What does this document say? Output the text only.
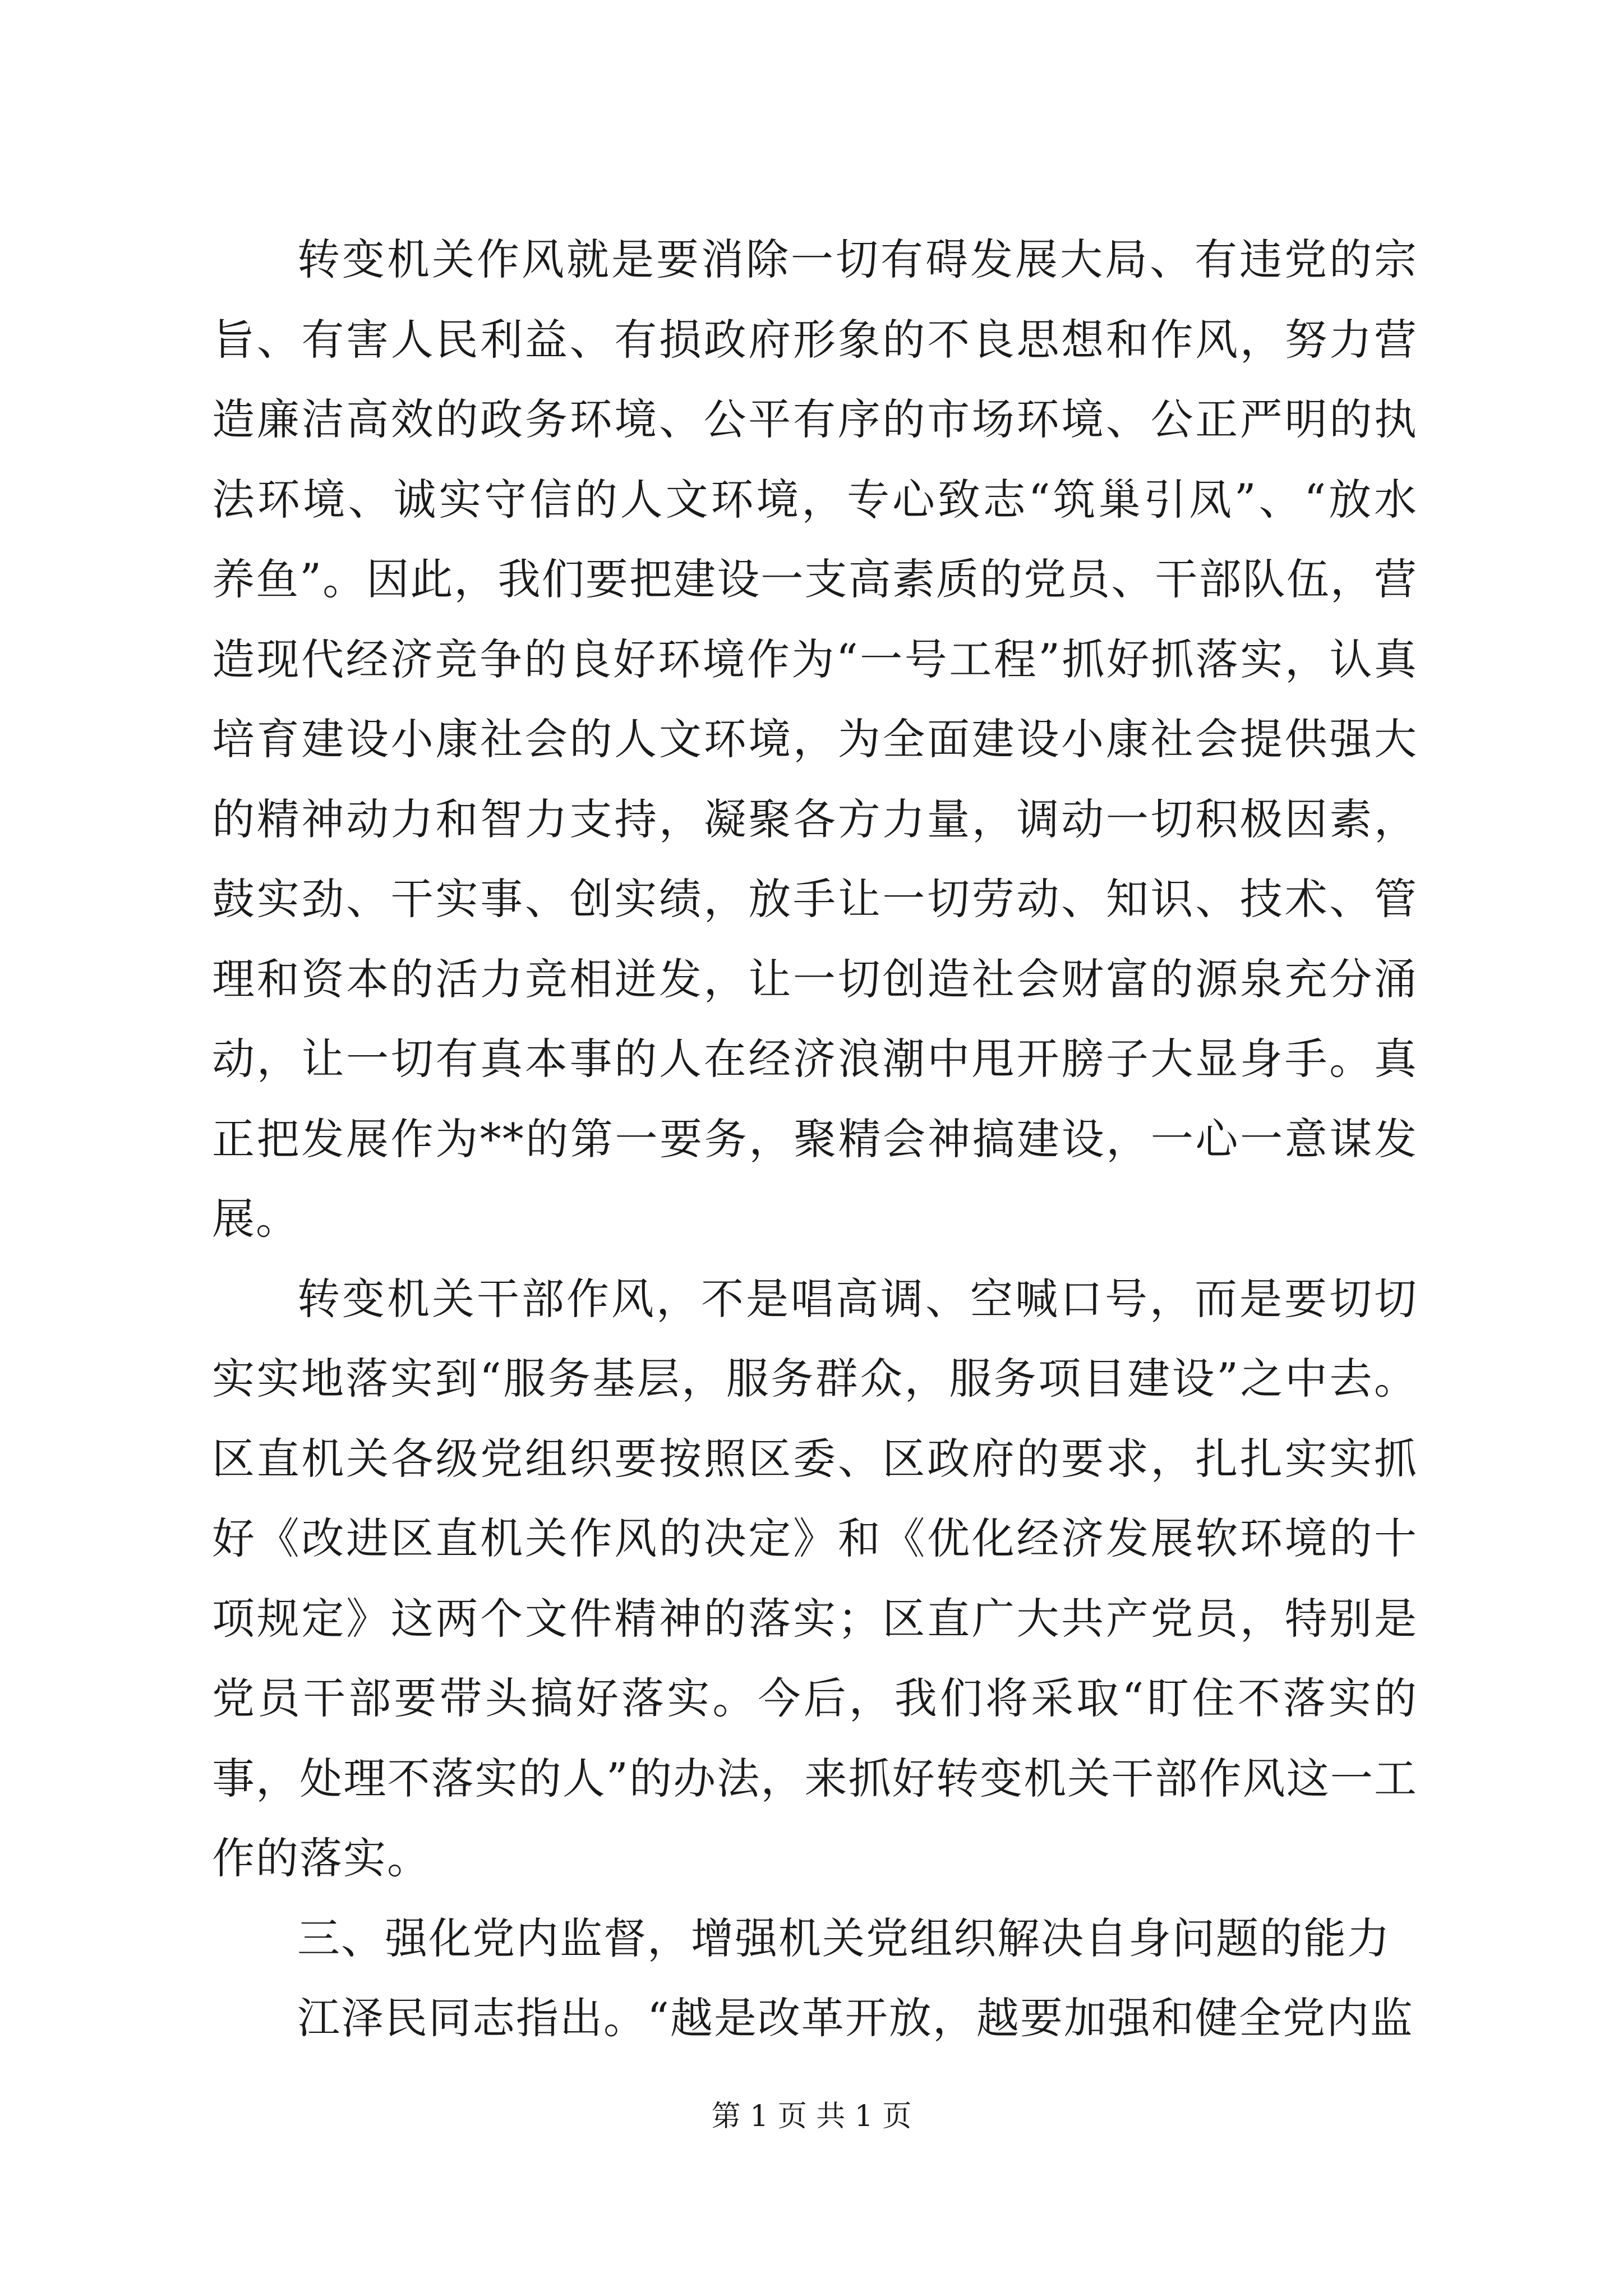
转变机关作风就是要消除一切有碍发展大局、有违党的宗旨、有害人民利益、有损政府形象的不良思想和作风，努力营造廉洁高效的政务环境、公平有序的市场环境、公正严明的执法环境、诚实守信的人文环境，专心致志“筑巢引凤”、“放水养鱼”。因此，我们要把建设一支高素质的党员、干部队伍，营造现代经济竞争的良好环境作为“一号工程”抓好抓落实，认真培育建设小康社会的人文环境，为全面建设小康社会提供强大的精神动力和智力支持，凝聚各方力量，调动一切积极因素，鼓实劲、干实事、创实绩，放手让一切劳动、知识、技术、管理和资本的活力竞相迸发，让一切创造社会财富的源泉充分涌动，让一切有真本事的人在经济浪潮中甩开膀子大显身手。真正把发展作为**的第一要务，聚精会神搞建设，一心一意谋发展。

转变机关干部作风，不是唱高调、空喊口号，而是要切切实实地落实到“服务基层，服务群众，服务项目建设”之中去。区直机关各级党组织要按照区委、区政府的要求，扎扎实实抓好《改进区直机关作风的决定》和《优化经济发展软环境的十项规定》这两个文件精神的落实；区直广大共产党员，特别是党员干部要带头搞好落实。今后，我们将采取“盯住不落实的事，处理不落实的人”的办法，来抓好转变机关干部作风这一工作的落实。

三、强化党内监督，增强机关党组织解决自身问题的能力

江泽民同志指出。“越是改革开放，越要加强和健全党内监

第 1 页 共 1 页
